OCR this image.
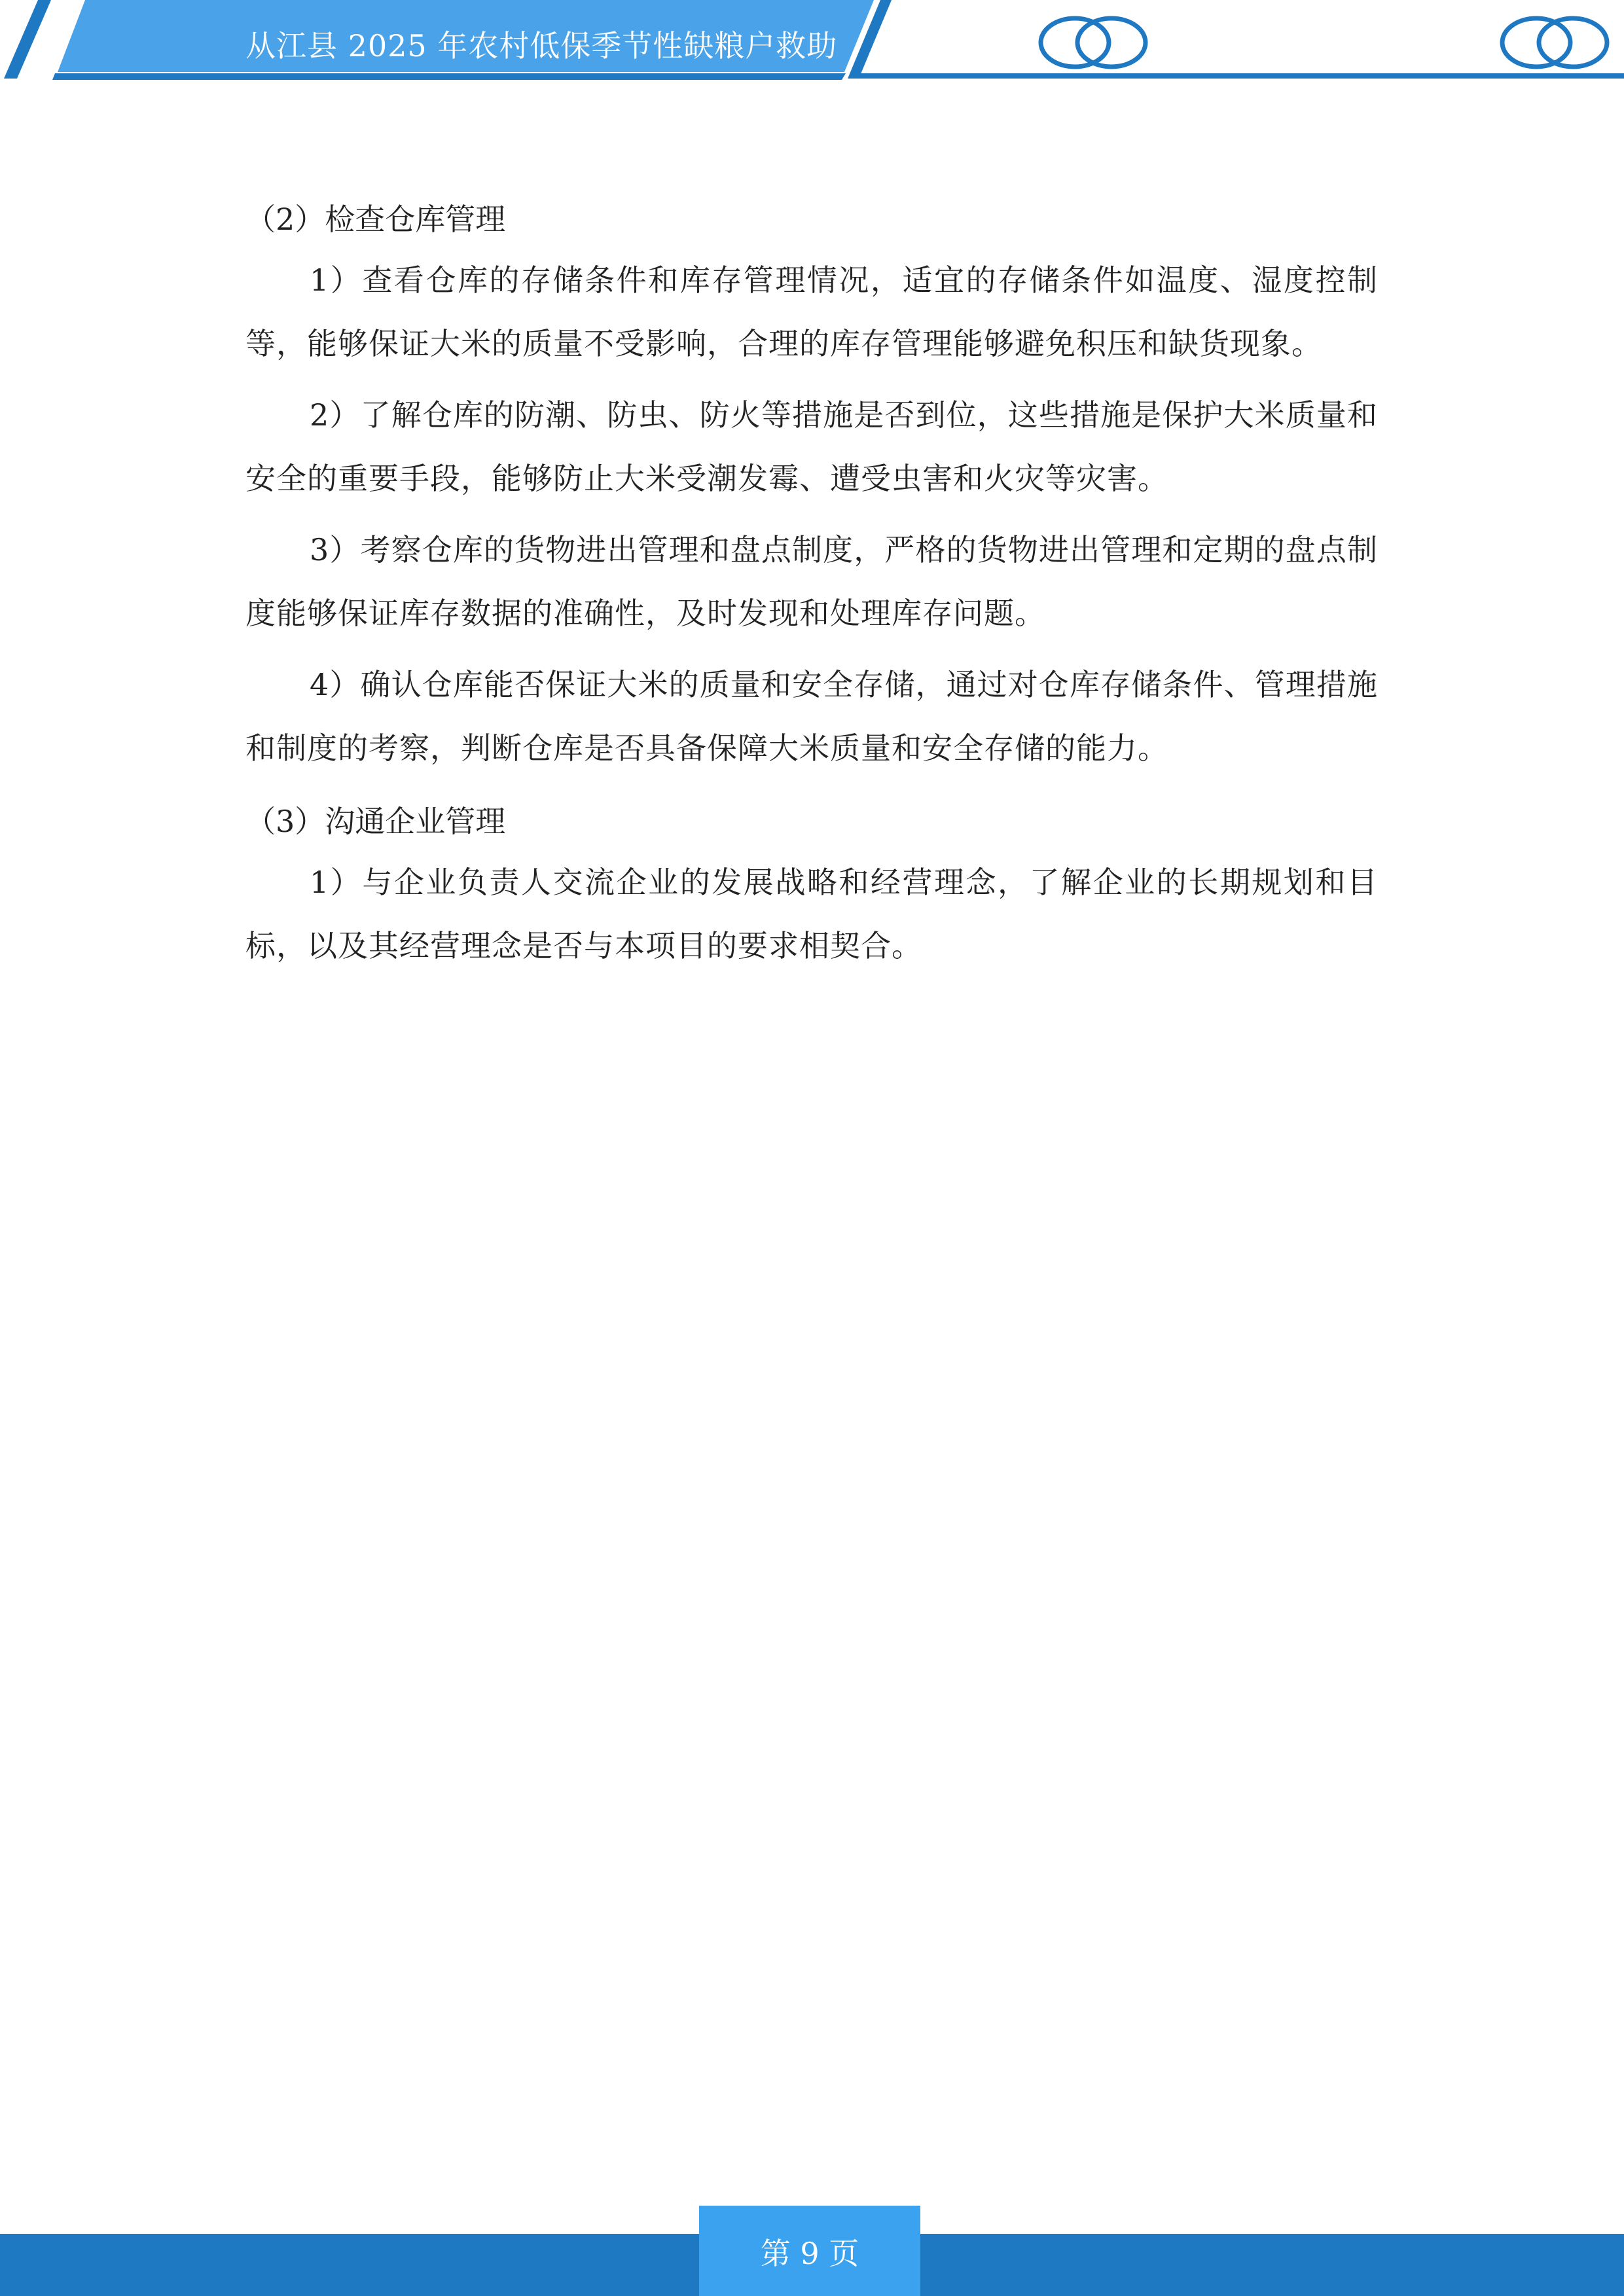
从江县 2025 年农村低保季节性缺粮户救助

（2）检查仓库管理

1）查看仓库的存储条件和库存管理情况，适宜的存储条件如温度、湿度控制等，能够保证大米的质量不受影响，合理的库存管理能够避免积压和缺货现象。

2）了解仓库的防潮、防虫、防火等措施是否到位，这些措施是保护大米质量和安全的重要手段，能够防止大米受潮发霉、遭受虫害和火灾等灾害。

3）考察仓库的货物进出管理和盘点制度，严格的货物进出管理和定期的盘点制度能够保证库存数据的准确性，及时发现和处理库存问题。

4）确认仓库能否保证大米的质量和安全存储，通过对仓库存储条件、管理措施和制度的考察，判断仓库是否具备保障大米质量和安全存储的能力。

（3）沟通企业管理

1）与企业负责人交流企业的发展战略和经营理念，了解企业的长期规划和目标，以及其经营理念是否与本项目的要求相契合。

第 9 页
